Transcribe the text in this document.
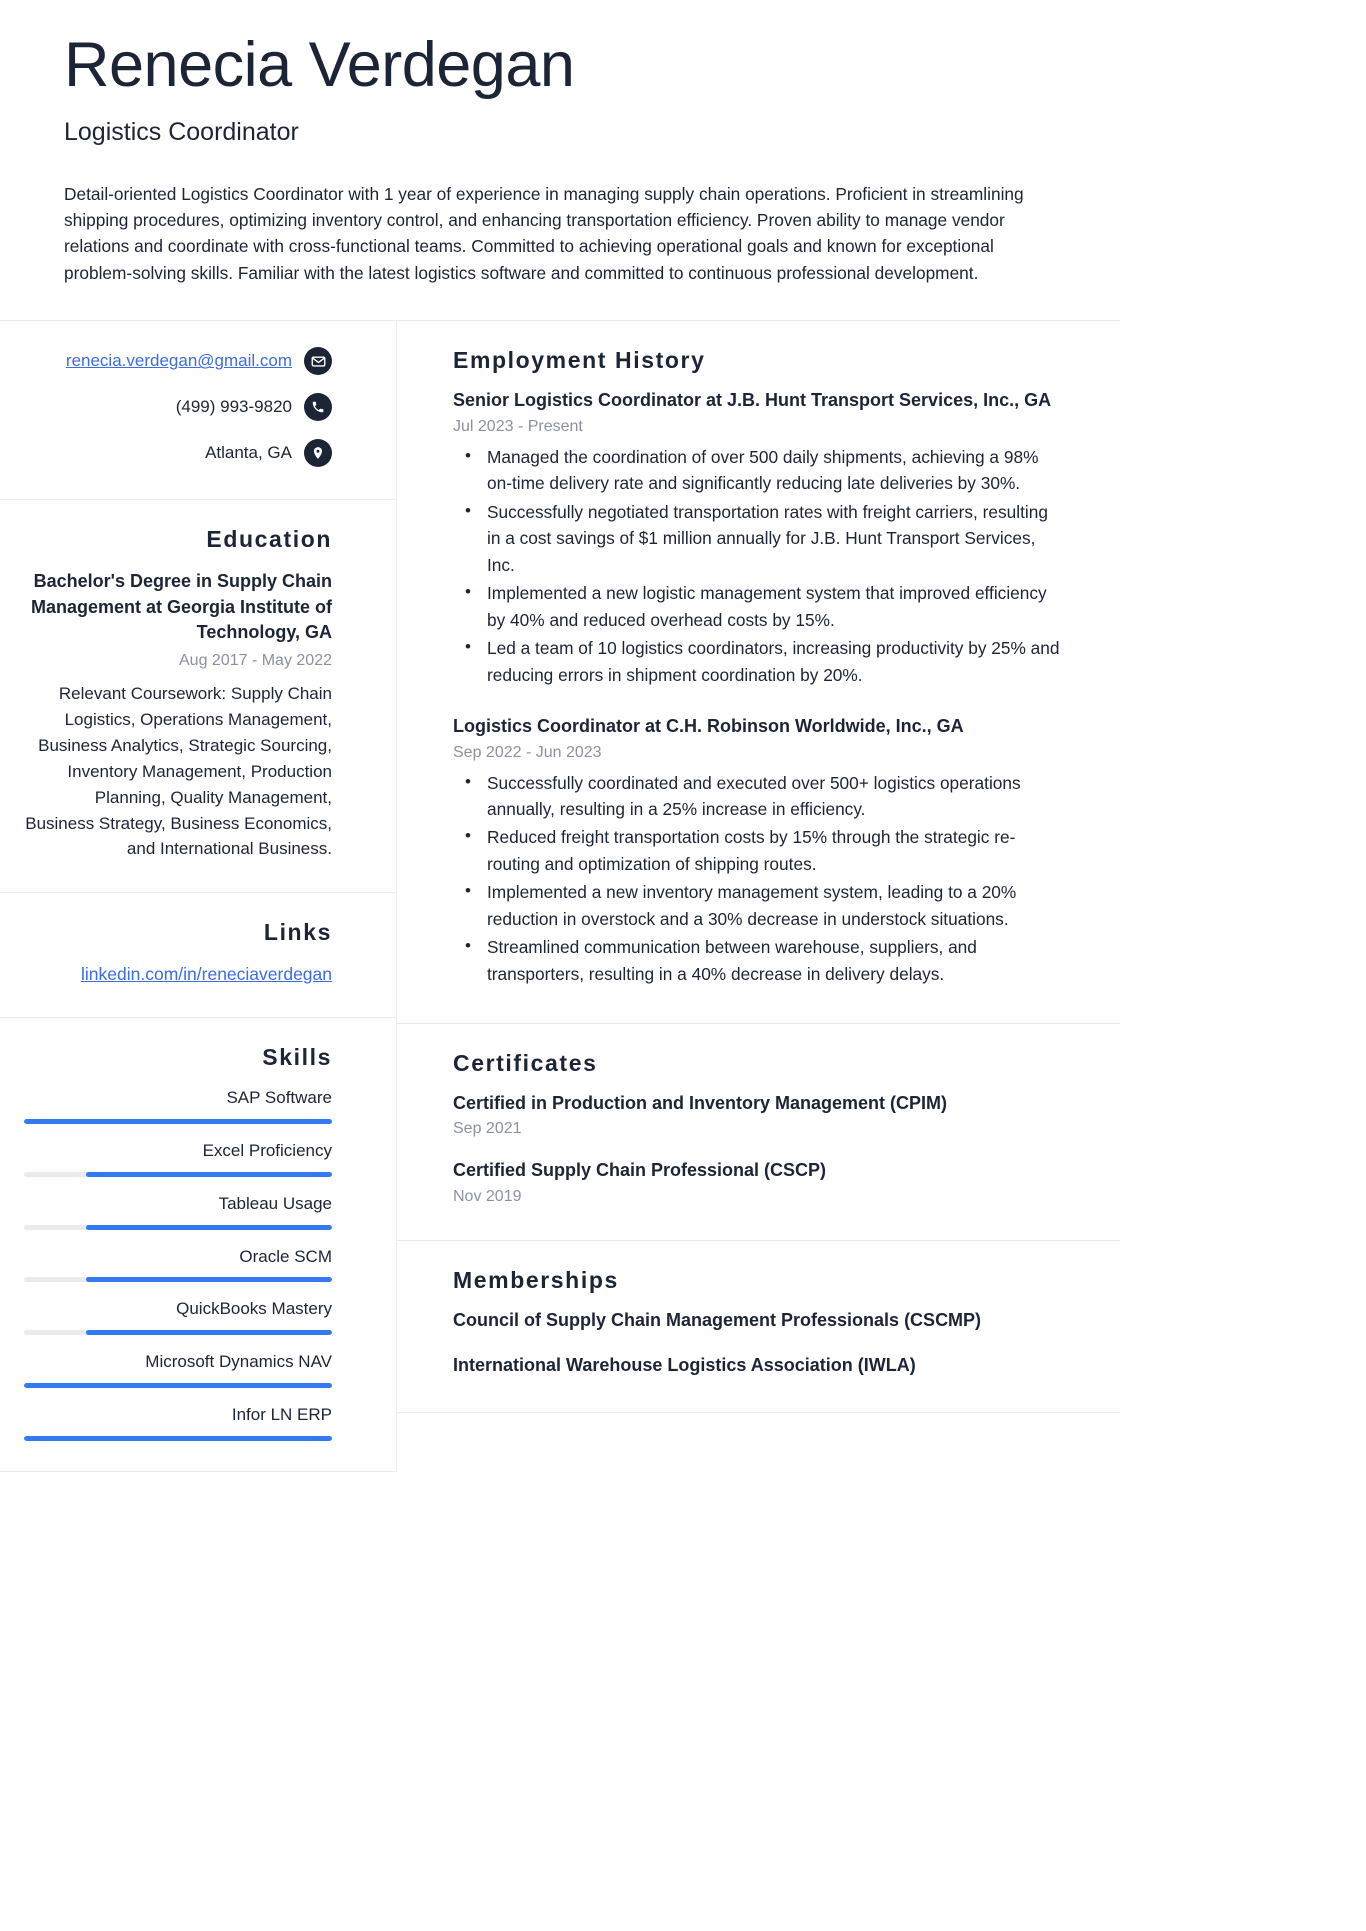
Renecia Verdegan
Logistics Coordinator

Detail-oriented Logistics Coordinator with 1 year of experience in managing supply chain operations. Proficient in streamlining shipping procedures, optimizing inventory control, and enhancing transportation efficiency. Proven ability to manage vendor relations and coordinate with cross-functional teams. Committed to achieving operational goals and known for exceptional problem-solving skills. Familiar with the latest logistics software and committed to continuous professional development.

renecia.verdegan@gmail.com
(499) 993-9820
Atlanta, GA
Education
Bachelor's Degree in Supply Chain Management at Georgia Institute of Technology, GA
Aug 2017 - May 2022
Relevant Coursework: Supply Chain Logistics, Operations Management, Business Analytics, Strategic Sourcing, Inventory Management, Production Planning, Quality Management, Business Strategy, Business Economics, and International Business.
Links
linkedin.com/in/reneciaverdegan
Skills
SAP Software
Excel Proficiency
Tableau Usage
Oracle SCM
QuickBooks Mastery
Microsoft Dynamics NAV
Infor LN ERP
Employment History
Senior Logistics Coordinator at J.B. Hunt Transport Services, Inc., GA
Jul 2023 - Present
• Managed the coordination of over 500 daily shipments, achieving a 98% on-time delivery rate and significantly reducing late deliveries by 30%.
• Successfully negotiated transportation rates with freight carriers, resulting in a cost savings of $1 million annually for J.B. Hunt Transport Services, Inc.
• Implemented a new logistic management system that improved efficiency by 40% and reduced overhead costs by 15%.
• Led a team of 10 logistics coordinators, increasing productivity by 25% and reducing errors in shipment coordination by 20%.
Logistics Coordinator at C.H. Robinson Worldwide, Inc., GA
Sep 2022 - Jun 2023
• Successfully coordinated and executed over 500+ logistics operations annually, resulting in a 25% increase in efficiency.
• Reduced freight transportation costs by 15% through the strategic re-routing and optimization of shipping routes.
• Implemented a new inventory management system, leading to a 20% reduction in overstock and a 30% decrease in understock situations.
• Streamlined communication between warehouse, suppliers, and transporters, resulting in a 40% decrease in delivery delays.
Certificates
Certified in Production and Inventory Management (CPIM)
Sep 2021
Certified Supply Chain Professional (CSCP)
Nov 2019
Memberships
Council of Supply Chain Management Professionals (CSCMP)
International Warehouse Logistics Association (IWLA)
